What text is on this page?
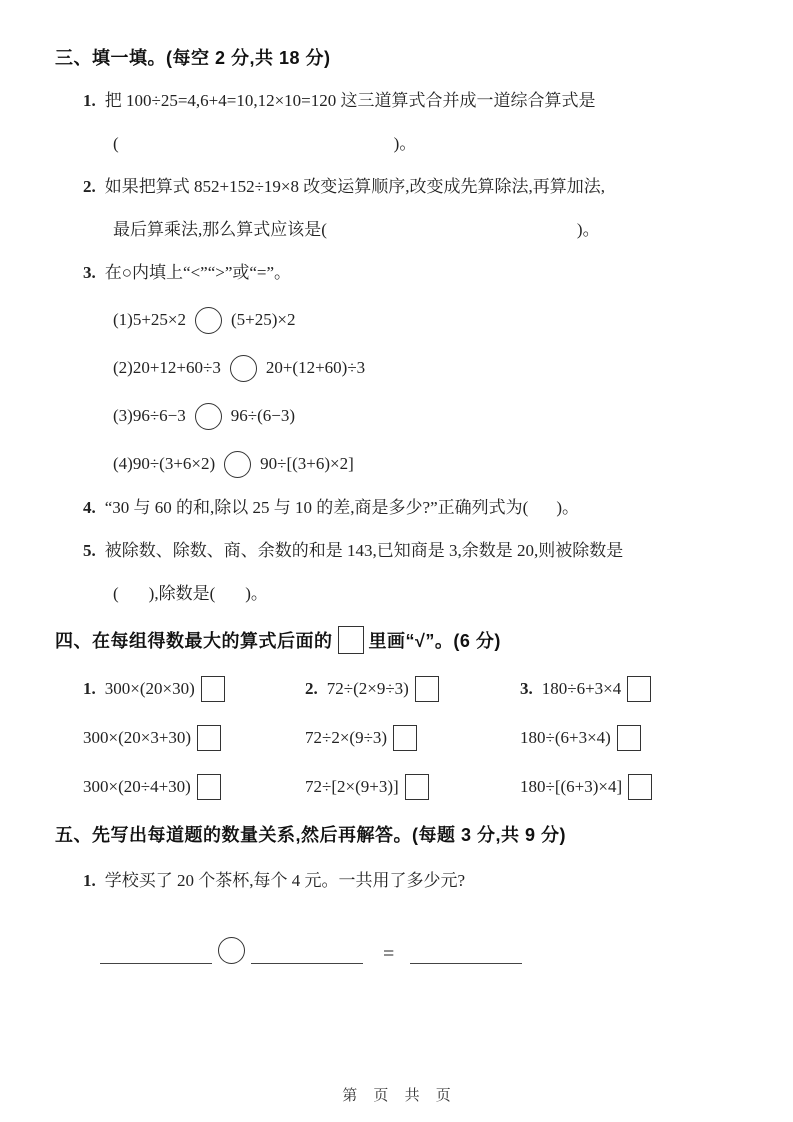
三、填一填。(每空 2 分,共 18 分)
1. 把 100÷25=4,6+4=10,12×10=120 这三道算式合并成一道综合算式是
(	)。
2. 如果把算式 852+152÷19×8 改变运算顺序,改变成先算除法,再算加法,
最后算乘法,那么算式应该是(	)。
3. 在○内填上“<”“>”或“=”。
(1)5+25×2	(5+25)×2
(2)20+12+60÷3	20+(12+60)÷3
(3)96÷6−3	96÷(6−3)
(4)90÷(3+6×2)	90÷[(3+6)×2]
4. “30 与 60 的和,除以 25 与 10 的差,商是多少?”正确列式为( )。
5. 被除数、除数、商、余数的和是 143,已知商是 3,余数是 20,则被除数是
( ),除数是( )。
四、在每组得数最大的算式后面的 里画“√”。(6 分)
1. 300×(20×30)	2. 72÷(2×9÷3)	3. 180÷6+3×4
300×(20×3+30)	72÷2×(9÷3)	180÷(6+3×4)
300×(20÷4+30)	72÷[2×(9+3)]	180÷[(6+3)×4]
五、先写出每道题的数量关系,然后再解答。(每题 3 分,共 9 分)
1. 学校买了 20 个茶杯,每个 4 元。一共用了多少元?
=
第 页 共 页
